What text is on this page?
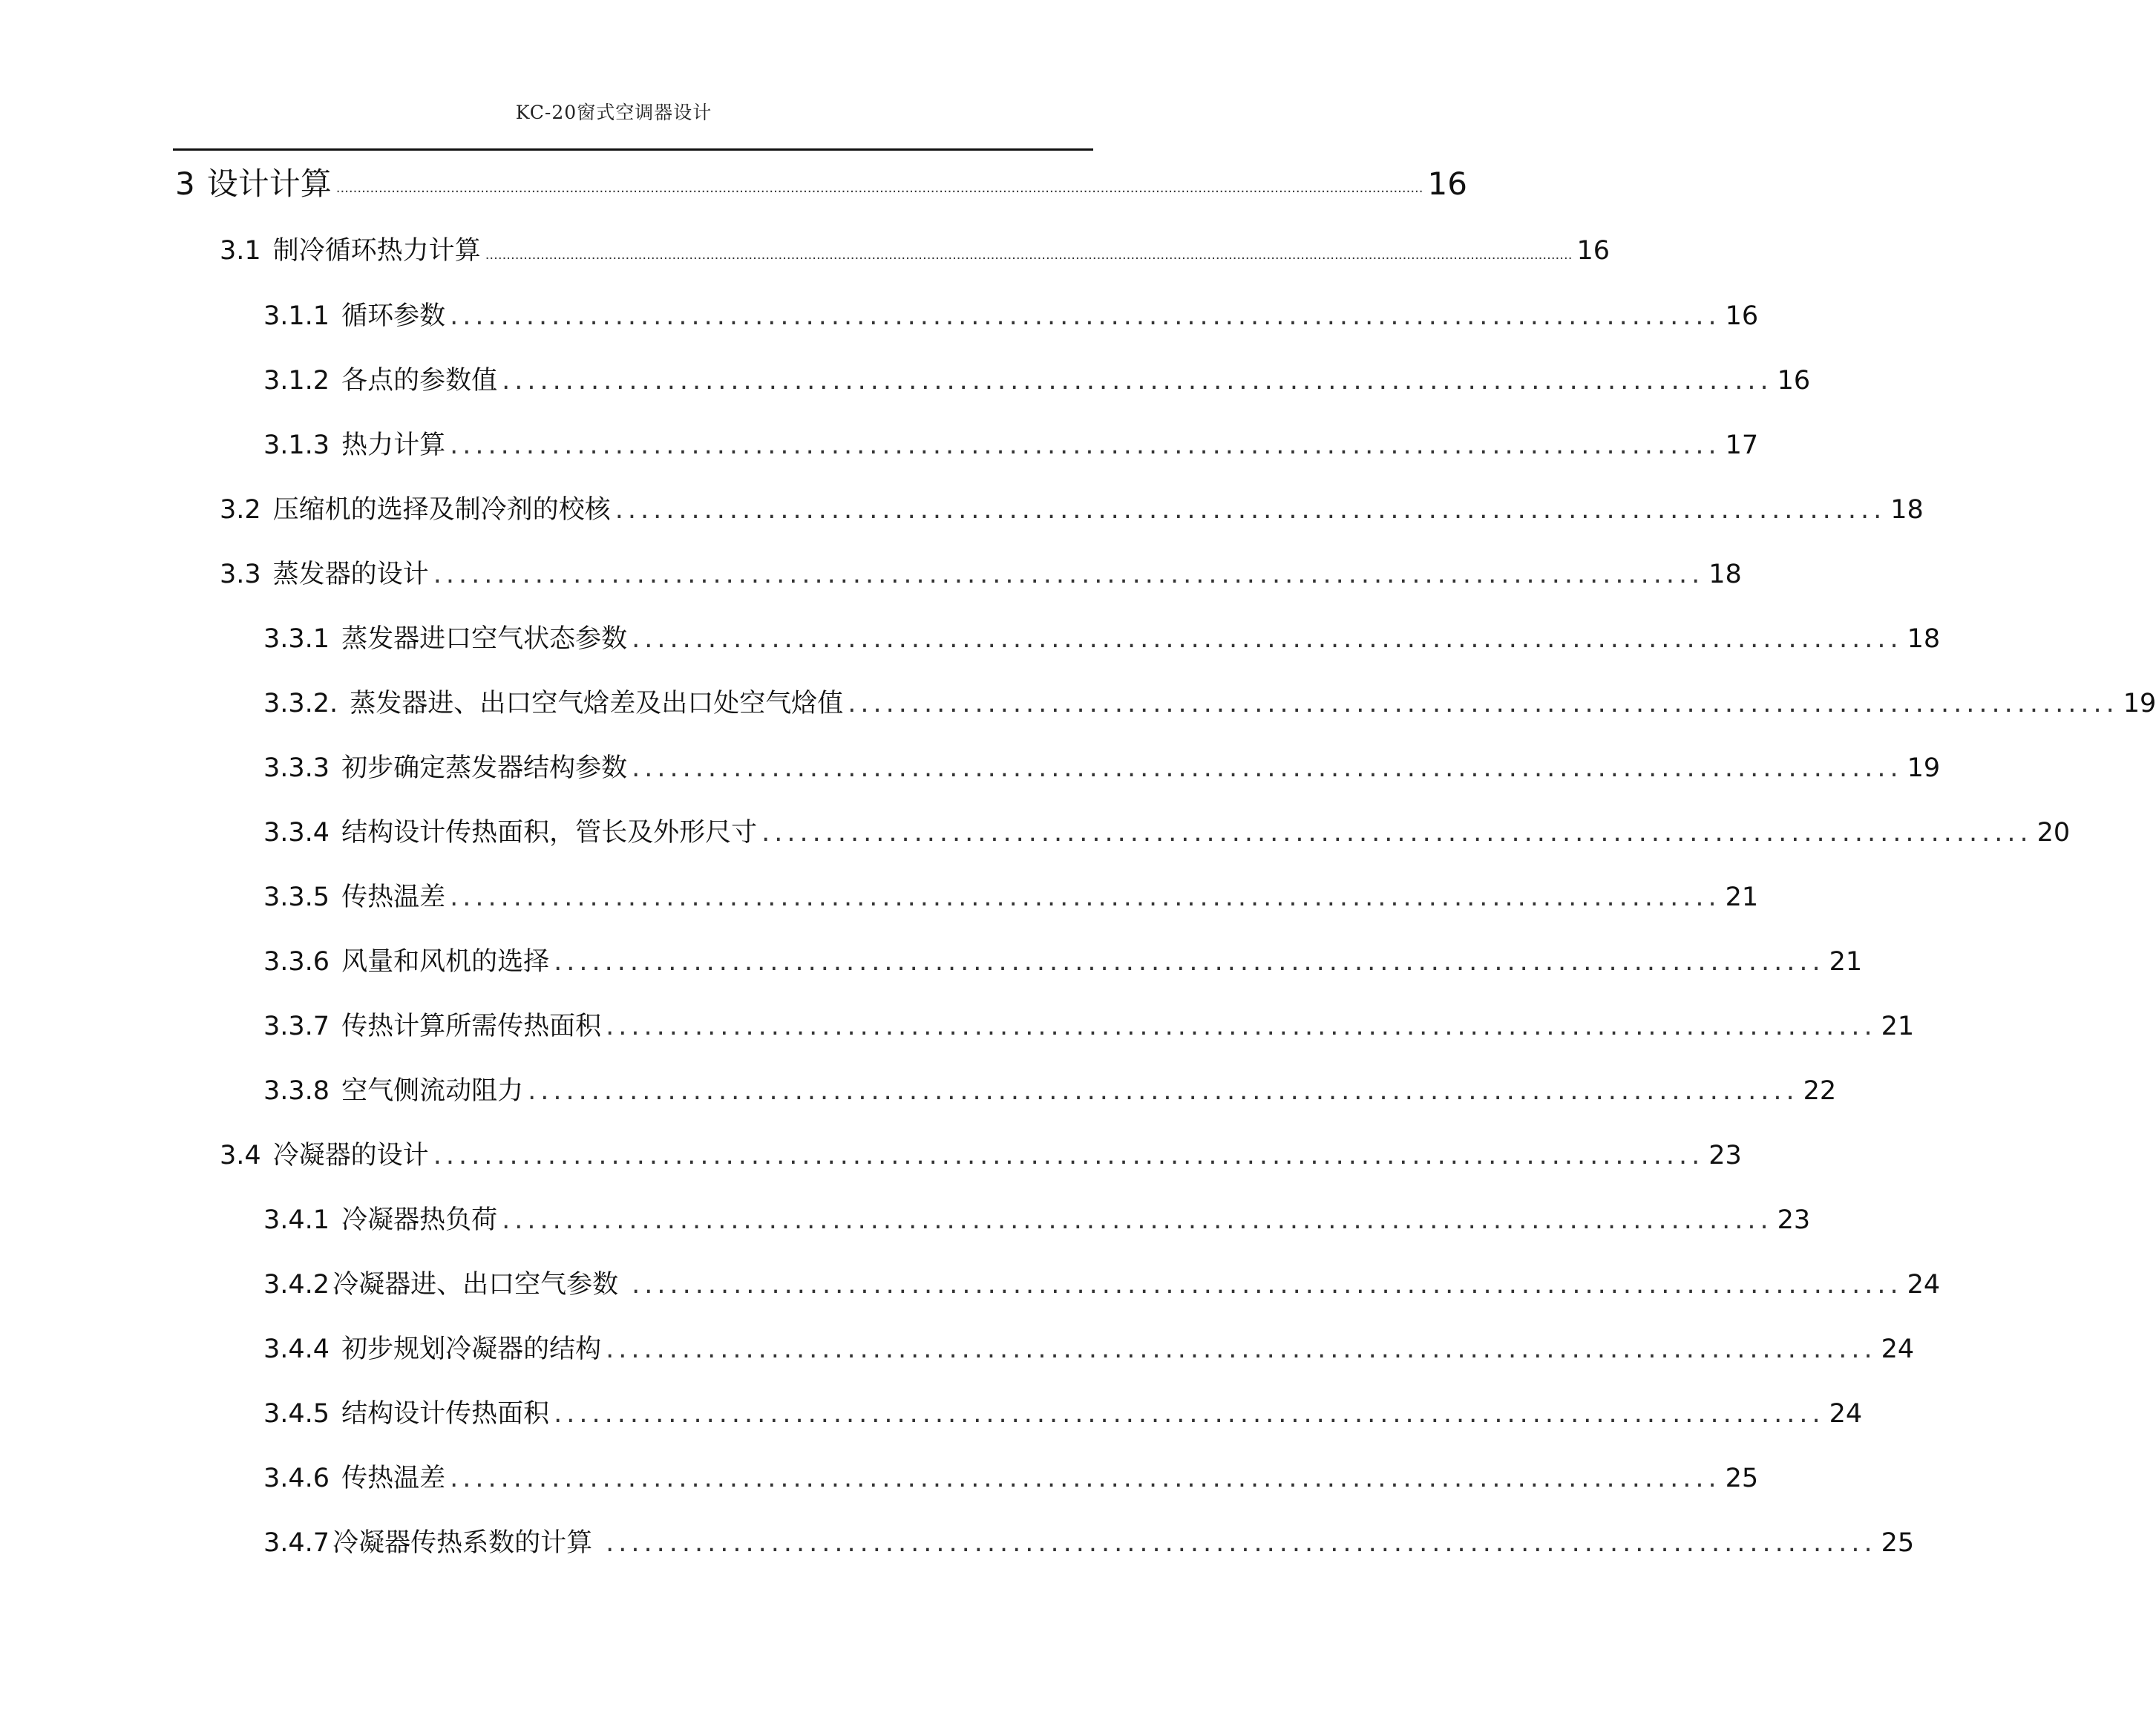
KC-20窗式空调器设计
3 设计计算 ................................................................................................................................................................................................................................................................ 16
3.1 制冷循环热力计算 ................................................................................................................................................................................................................................................................ 16
3.1.1 循环参数 .................................................................................................... 16
3.1.2 各点的参数值 .................................................................................................... 16
3.1.3 热力计算 .................................................................................................... 17
3.2 压缩机的选择及制冷剂的校核 .................................................................................................... 18
3.3 蒸发器的设计 .................................................................................................... 18
3.3.1 蒸发器进口空气状态参数 .................................................................................................... 18
3.3.2. 蒸发器进、出口空气焓差及出口处空气焓值 .................................................................................................... 19
3.3.3 初步确定蒸发器结构参数 .................................................................................................... 19
3.3.4 结构设计传热面积，管长及外形尺寸 .................................................................................................... 20
3.3.5 传热温差 .................................................................................................... 21
3.3.6 风量和风机的选择 .................................................................................................... 21
3.3.7 传热计算所需传热面积 .................................................................................................... 21
3.3.8 空气侧流动阻力 .................................................................................................... 22
3.4 冷凝器的设计 .................................................................................................... 23
3.4.1 冷凝器热负荷 .................................................................................................... 23
3.4.2 冷凝器进、出口空气参数 .................................................................................................... 24
3.4.4 初步规划冷凝器的结构 .................................................................................................... 24
3.4.5 结构设计传热面积 .................................................................................................... 24
3.4.6 传热温差 .................................................................................................... 25
3.4.7 冷凝器传热系数的计算 .................................................................................................... 25
